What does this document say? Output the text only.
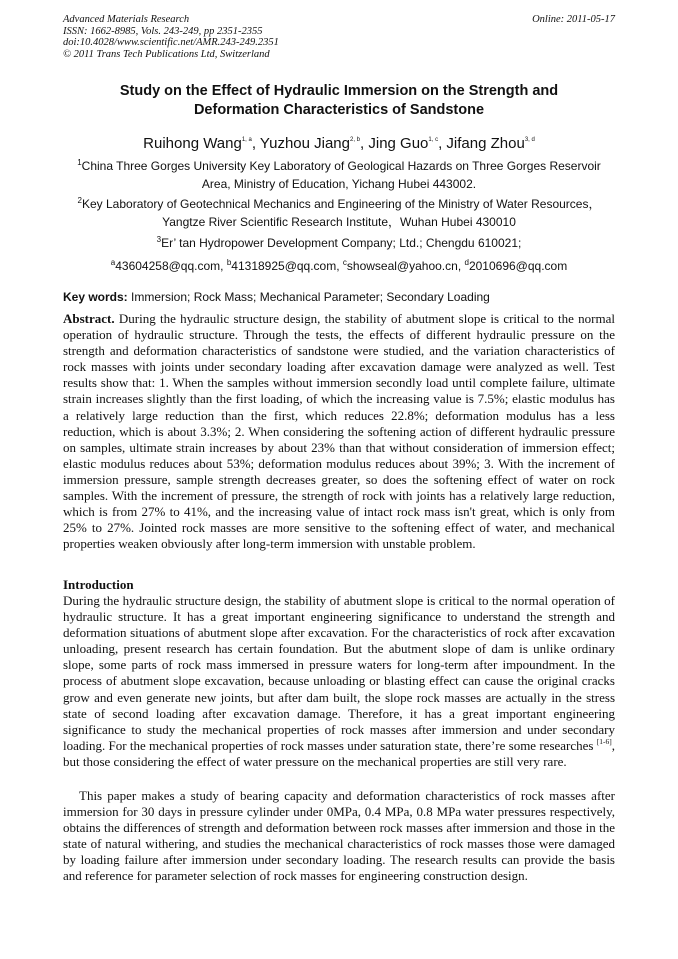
Advanced Materials Research
ISSN: 1662-8985, Vols. 243-249, pp 2351-2355
doi:10.4028/www.scientific.net/AMR.243-249.2351
© 2011 Trans Tech Publications Ltd, Switzerland
Online: 2011-05-17
Study on the Effect of Hydraulic Immersion on the Strength and
Deformation Characteristics of Sandstone
Ruihong Wang$^{1, a}$, Yuzhou Jiang$^{2, b}$, Jing Guo$^{1, c}$, Jifang Zhou$^{3, d}$
$^1$China Three Gorges University Key Laboratory of Geological Hazards on Three Gorges Reservoir
Area, Ministry of Education, Yichang Hubei 443002.
$^2$Key Laboratory of Geotechnical Mechanics and Engineering of the Ministry of Water Resources，
Yangtze River Scientific Research Institute，Wuhan Hubei 430010
$^3$Er’ tan Hydropower Development Company; Ltd.; Chengdu 610021;
$^a$43604258@qq.com, $^b$41318925@qq.com, $^c$showseal@yahoo.cn, $^d$2010696@qq.com
Key words: Immersion; Rock Mass; Mechanical Parameter; Secondary Loading
Abstract. During the hydraulic structure design, the stability of abutment slope is critical to the normal operation of hydraulic structure. Through the tests, the effects of different hydraulic pressure on the strength and deformation characteristics of sandstone were studied, and the variation characteristics of rock masses with joints under secondary loading after excavation damage were analyzed as well. Test results show that: 1. When the samples without immersion secondly load until complete failure, ultimate strain increases slightly than the first loading, of which the increasing value is 7.5%; elastic modulus has a relatively large reduction than the first, which reduces 22.8%; deformation modulus has a less reduction, which is about 3.3%; 2. When considering the softening action of different hydraulic pressure on samples, ultimate strain increases by about 23% than that without consideration of immersion effect; elastic modulus reduces about 53%; deformation modulus reduces about 39%; 3. With the increment of immersion pressure, sample strength decreases greater, so does the softening effect of water on rock samples. With the increment of pressure, the strength of rock with joints has a relatively large reduction, which is from 27% to 41%, and the increasing value of intact rock mass isn't great, which is only from 25% to 27%. Jointed rock masses are more sensitive to the softening effect of water, and mechanical properties weaken obviously after long-term immersion with unstable problem.
Introduction
During the hydraulic structure design, the stability of abutment slope is critical to the normal operation of hydraulic structure. It has a great important engineering significance to understand the strength and deformation situations of abutment slope after excavation. For the characteristics of rock after excavation unloading, present research has certain foundation. But the abutment slope of dam is unlike ordinary slope, some parts of rock mass immersed in pressure waters for long-term after impoundment. In the process of abutment slope excavation, because unloading or blasting effect can cause the original cracks grow and even generate new joints, but after dam built, the slope rock masses are actually in the stress state of second loading after excavation damage. Therefore, it has a great important engineering significance to study the mechanical properties of rock masses after immersion and under secondary loading. For the mechanical properties of rock masses under saturation state, there’re some researches [1-6], but those considering the effect of water pressure on the mechanical properties are still very rare.
This paper makes a study of bearing capacity and deformation characteristics of rock masses after immersion for 30 days in pressure cylinder under 0MPa, 0.4 MPa, 0.8 MPa water pressures respectively, obtains the differences of strength and deformation between rock masses after immersion and those in the state of natural withering, and studies the mechanical characteristics of rock masses those were damaged by loading failure after immersion under secondary loading. The research results can provide the basis and reference for parameter selection of rock masses for engineering construction design.
